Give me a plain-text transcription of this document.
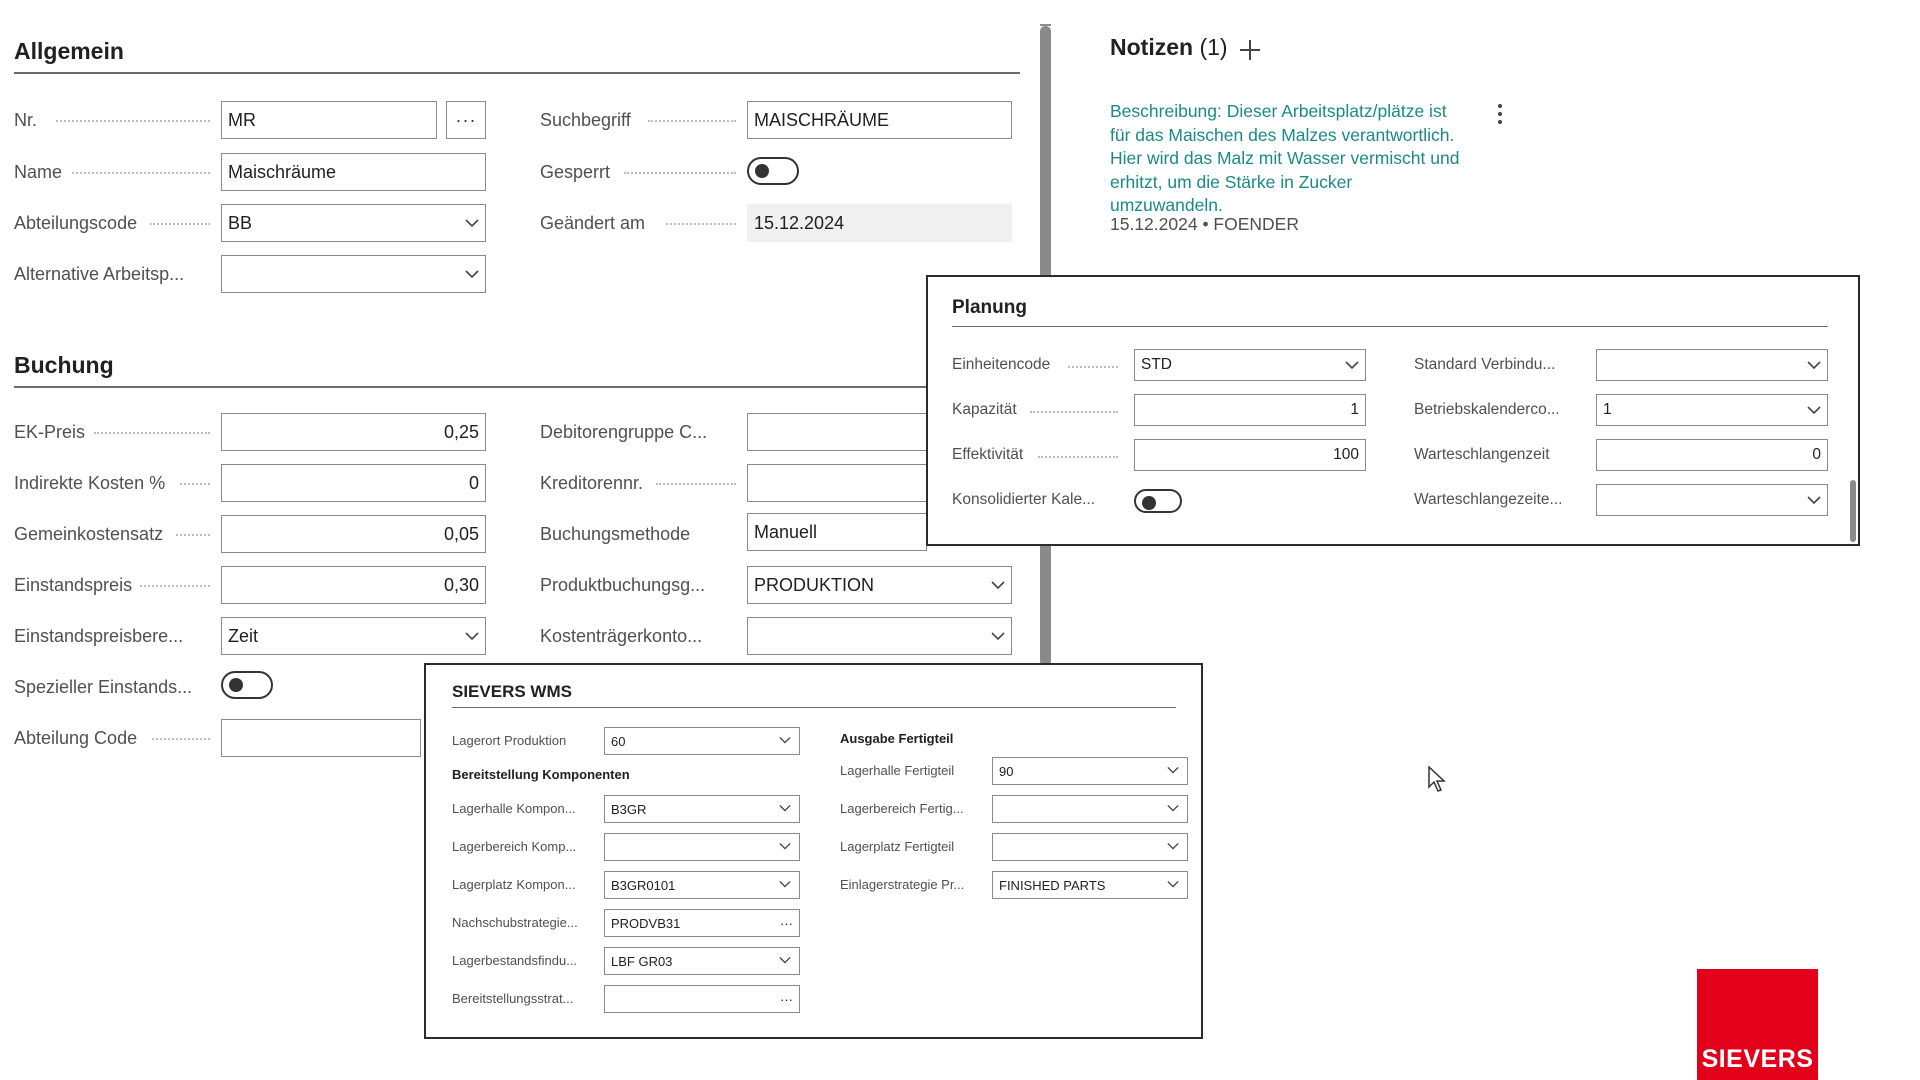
Allgemein
Nr.	MR	···
Name	Maischräume
Abteilungscode	BB
Alternative Arbeitsp...
Suchbegriff	MAISCHRÄUME
Gesperrt
Geändert am	15.12.2024
Buchung
EK-Preis	0,25
Indirekte Kosten %	0
Gemeinkostensatz	0,05
Einstandspreis	0,30
Einstandspreisbere... Zeit
Spezieller Einstands...
Abteilung Code
Debitorengruppe C...
Kreditorennr.
Buchungsmethode	Manuell
Produktbuchungsg...	PRODUKTION
Kostenträgerkonto...
Notizen (1)
Beschreibung: Dieser Arbeitsplatz/plätze ist für das Maischen des Malzes verantwortlich. Hier wird das Malz mit Wasser vermischt und erhitzt, um die Stärke in Zucker umzuwandeln.
15.12.2024 • FOENDER
Planung
Einheitencode	STD
Kapazität	1
Effektivität	100
Konsolidierter Kale...
Standard Verbindu...
Betriebskalenderco...	1
Warteschlangenzeit	0
Warteschlangezeite...
SIEVERS WMS
Lagerort Produktion	60
Bereitstellung Komponenten
Lagerhalle Kompon...	B3GR
Lagerbereich Komp...
Lagerplatz Kompon...	B3GR0101
Nachschubstrategie...	PRODVB31	···
Lagerbestandsfindu...	LBF GR03
Bereitstellungsstrat...	···
Ausgabe Fertigteil
Lagerhalle Fertigteil	90
Lagerbereich Fertig...
Lagerplatz Fertigteil
Einlagerstrategie Pr...	FINISHED PARTS
SIEVERS
